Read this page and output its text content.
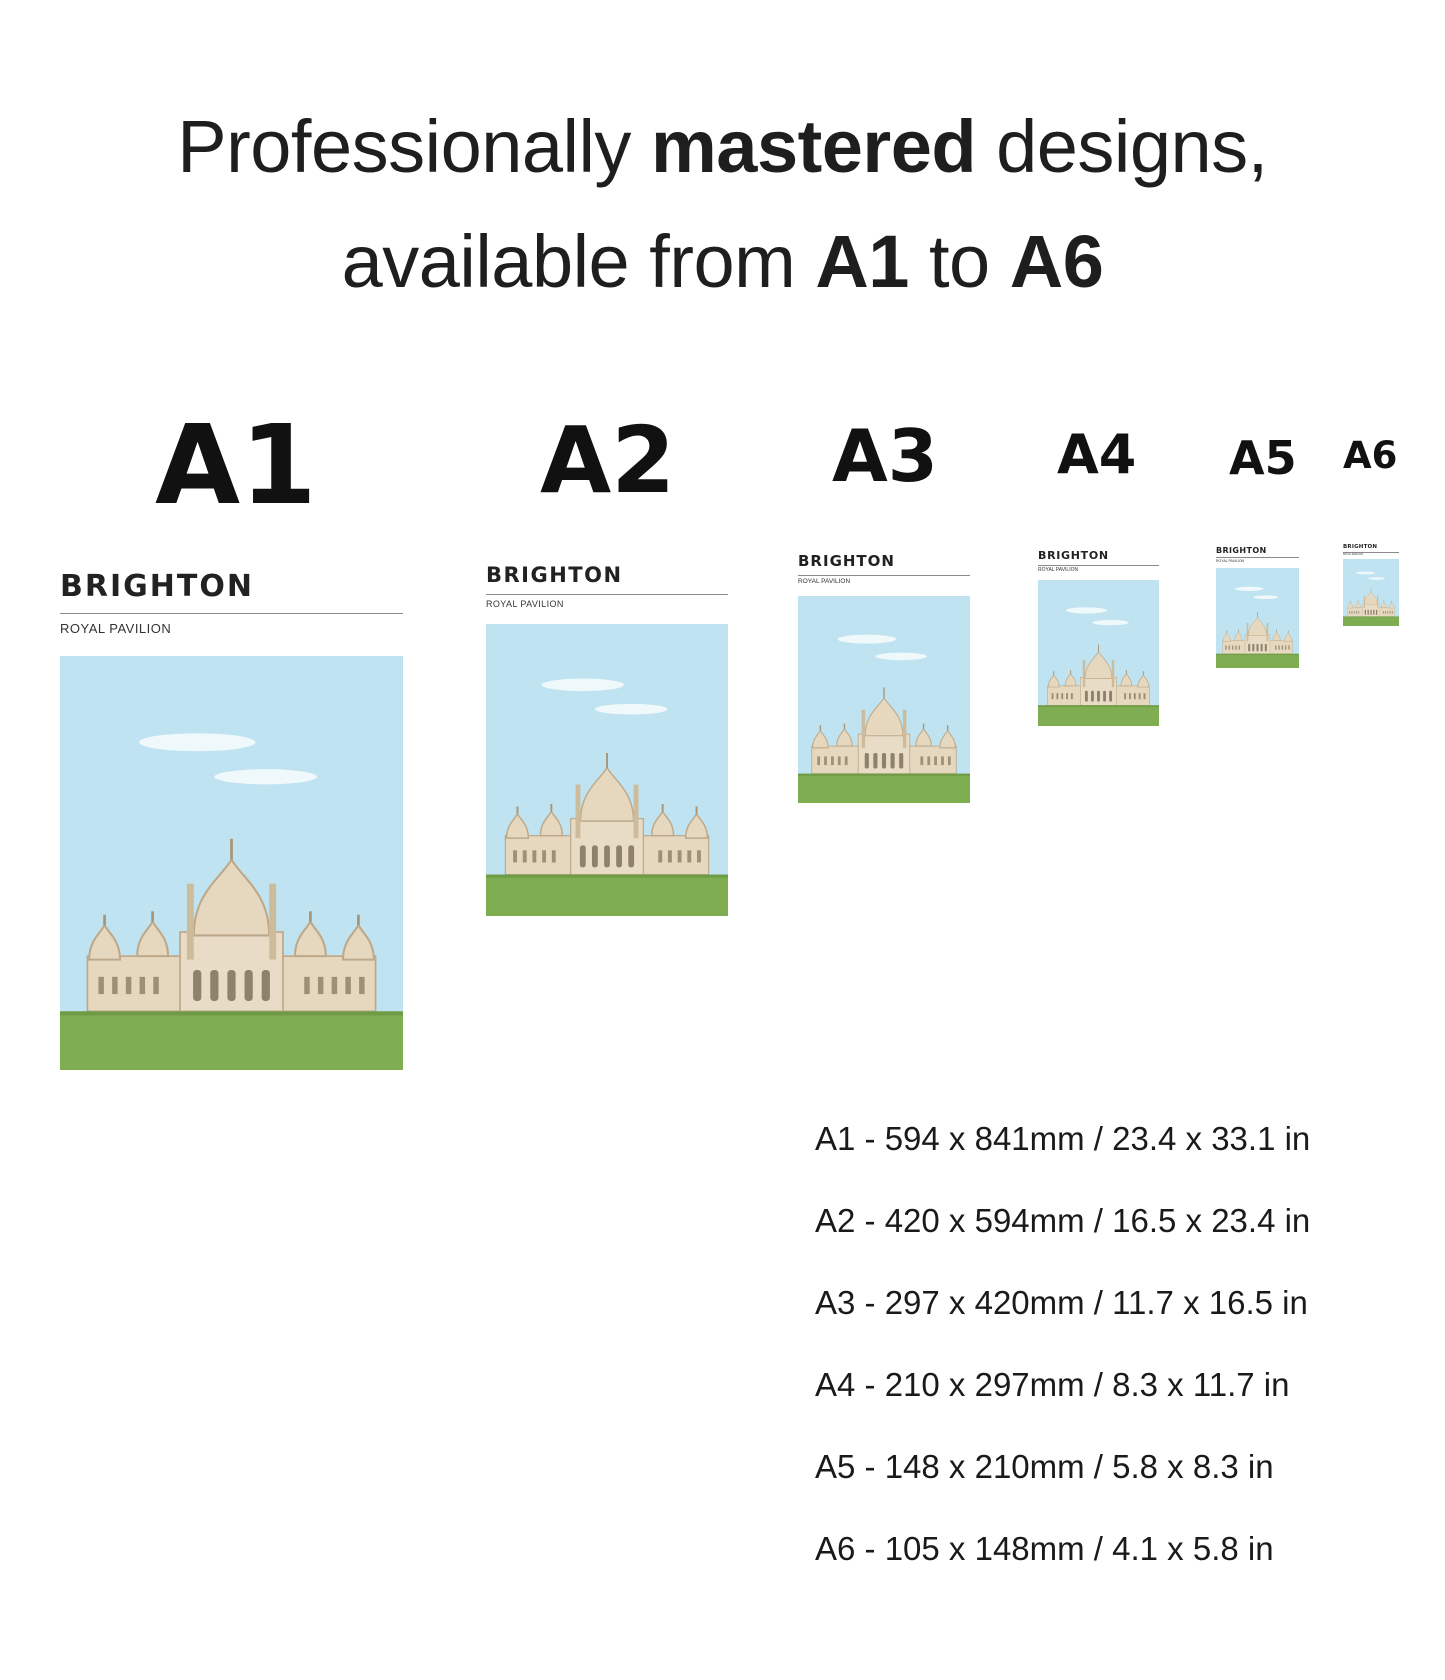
Professionally mastered designs,
available from A1 to A6
A1 A2 A3 A4 A5 A6
BRIGHTON
ROYAL PAVILION
BRIGHTON
ROYAL PAVILION
BRIGHTON
ROYAL PAVILION
BRIGHTON
ROYAL PAVILION
BRIGHTON
ROYAL PAVILION
BRIGHTON
ROYAL PAVILION
A1 - 594 x 841mm / 23.4 x 33.1 in
A2 - 420 x 594mm / 16.5 x 23.4 in
A3 - 297 x 420mm / 11.7 x 16.5 in
A4 - 210 x 297mm / 8.3 x 11.7 in
A5 - 148 x 210mm / 5.8 x 8.3 in
A6 - 105 x 148mm / 4.1 x 5.8 in
